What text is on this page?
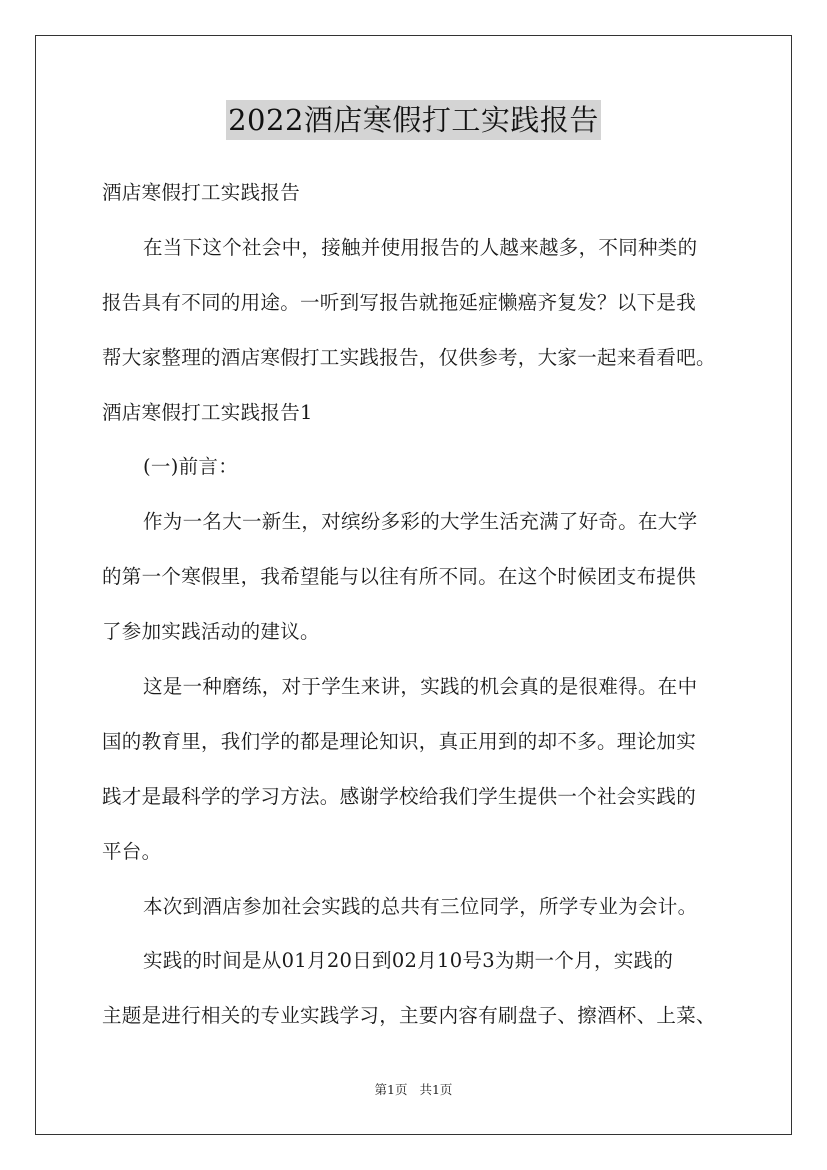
2022酒店寒假打工实践报告
酒店寒假打工实践报告
在当下这个社会中，接触并使用报告的人越来越多，不同种类的
报告具有不同的用途。一听到写报告就拖延症懒癌齐复发？以下是我
帮大家整理的酒店寒假打工实践报告，仅供参考，大家一起来看看吧。
酒店寒假打工实践报告1
(一)前言：
作为一名大一新生，对缤纷多彩的大学生活充满了好奇。在大学
的第一个寒假里，我希望能与以往有所不同。在这个时候团支布提供
了参加实践活动的建议。
这是一种磨练，对于学生来讲，实践的机会真的是很难得。在中
国的教育里，我们学的都是理论知识，真正用到的却不多。理论加实
践才是最科学的学习方法。感谢学校给我们学生提供一个社会实践的
平台。
本次到酒店参加社会实践的总共有三位同学，所学专业为会计。
实践的时间是从01月20日到02月10号3为期一个月，实践的
主题是进行相关的专业实践学习，主要内容有刷盘子、擦酒杯、上菜、
第1页 共1页
